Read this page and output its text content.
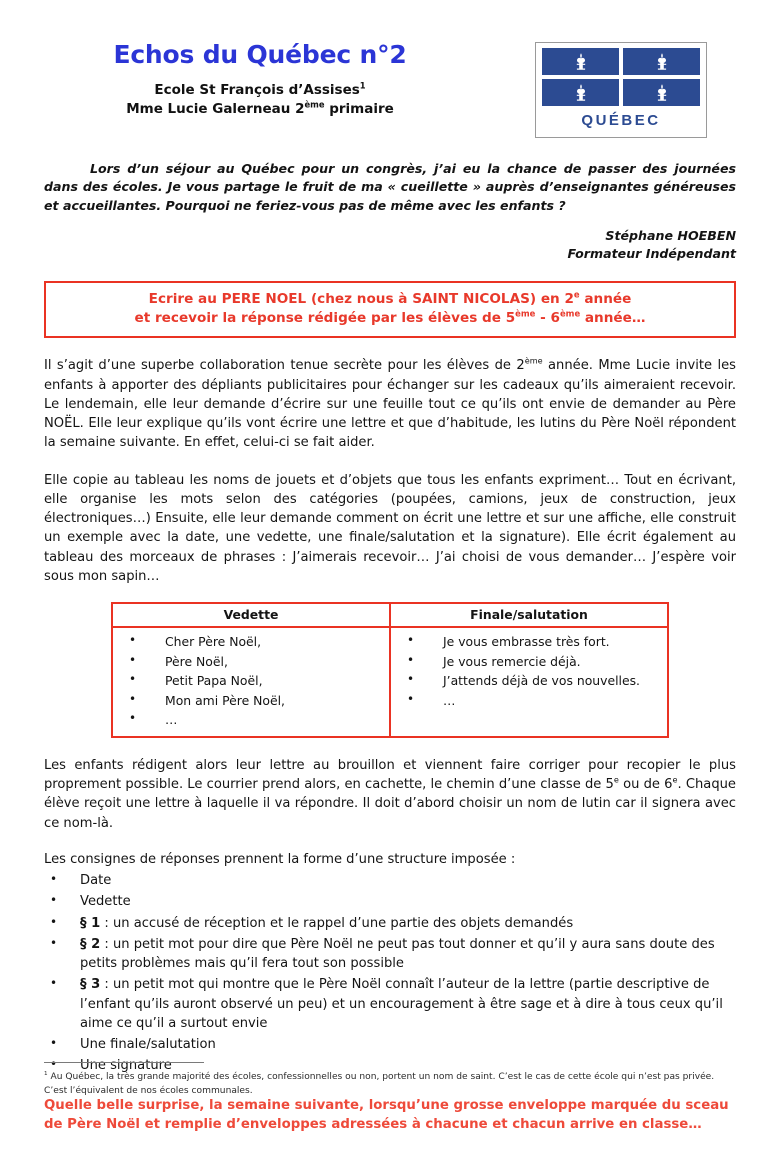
Echos du Québec n°2
Ecole St François d’Assises$^1$
Mme Lucie Galerneau 2ème primaire
QUÉBEC

Lors d’un séjour au Québec pour un congrès, j’ai eu la chance de passer des journées dans des écoles. Je vous partage le fruit de ma « cueillette » auprès d’enseignantes généreuses et accueillantes. Pourquoi ne feriez-vous pas de même avec les enfants ?

Stéphane HOEBEN
Formateur Indépendant
Ecrire au PERE NOEL (chez nous à SAINT NICOLAS) en 2e année
et recevoir la réponse rédigée par les élèves de 5ème - 6ème année…

Il s’agit d’une superbe collaboration tenue secrète pour les élèves de 2ème année. Mme Lucie invite les enfants à apporter des dépliants publicitaires pour échanger sur les cadeaux qu’ils aimeraient recevoir. Le lendemain, elle leur demande d’écrire sur une feuille tout ce qu’ils ont envie de demander au Père NOËL. Elle leur explique qu’ils vont écrire une lettre et que d’habitude, les lutins du Père Noël répondent la semaine suivante. En effet, celui-ci se fait aider.

Elle copie au tableau les noms de jouets et d’objets que tous les enfants expriment… Tout en écrivant, elle organise les mots selon des catégories (poupées, camions, jeux de construction, jeux électroniques…) Ensuite, elle leur demande comment on écrit une lettre et sur une affiche, elle construit un exemple avec la date, une vedette, une finale/salutation et la signature). Elle écrit également au tableau des morceaux de phrases : J’aimerais recevoir… J’ai choisi de vous demander… J’espère voir sous mon sapin…

Vedette	Finale/salutation

• Cher Père Noël,
• Père Noël,
• Petit Papa Noël,
• Mon ami Père Noël,
• …

• Je vous embrasse très fort.
• Je vous remercie déjà.
• J’attends déjà de vos nouvelles.
• …

Les enfants rédigent alors leur lettre au brouillon et viennent faire corriger pour recopier le plus proprement possible. Le courrier prend alors, en cachette, le chemin d’une classe de 5e ou de 6e. Chaque élève reçoit une lettre à laquelle il va répondre. Il doit d’abord choisir un nom de lutin car il signera avec ce nom-là.

Les consignes de réponses prennent la forme d’une structure imposée :

• Date
• Vedette
• § 1 : un accusé de réception et le rappel d’une partie des objets demandés
• § 2 : un petit mot pour dire que Père Noël ne peut pas tout donner et qu’il y aura sans doute des petits problèmes mais qu’il fera tout son possible
• § 3 : un petit mot qui montre que le Père Noël connaît l’auteur de la lettre (partie descriptive de l’enfant qu’ils auront observé un peu) et un encouragement à être sage et à dire à tous ceux qu’il aime ce qu’il a surtout envie
• Une finale/salutation
• Une signature

Quelle belle surprise, la semaine suivante, lorsqu’une grosse enveloppe marquée du sceau de Père Noël et remplie d’enveloppes adressées à chacune et chacun arrive en classe…

$^1$ Au Québec, la très grande majorité des écoles, confessionnelles ou non, portent un nom de saint. C’est le cas de cette école qui n’est pas privée. C’est l’équivalent de nos écoles communales.
